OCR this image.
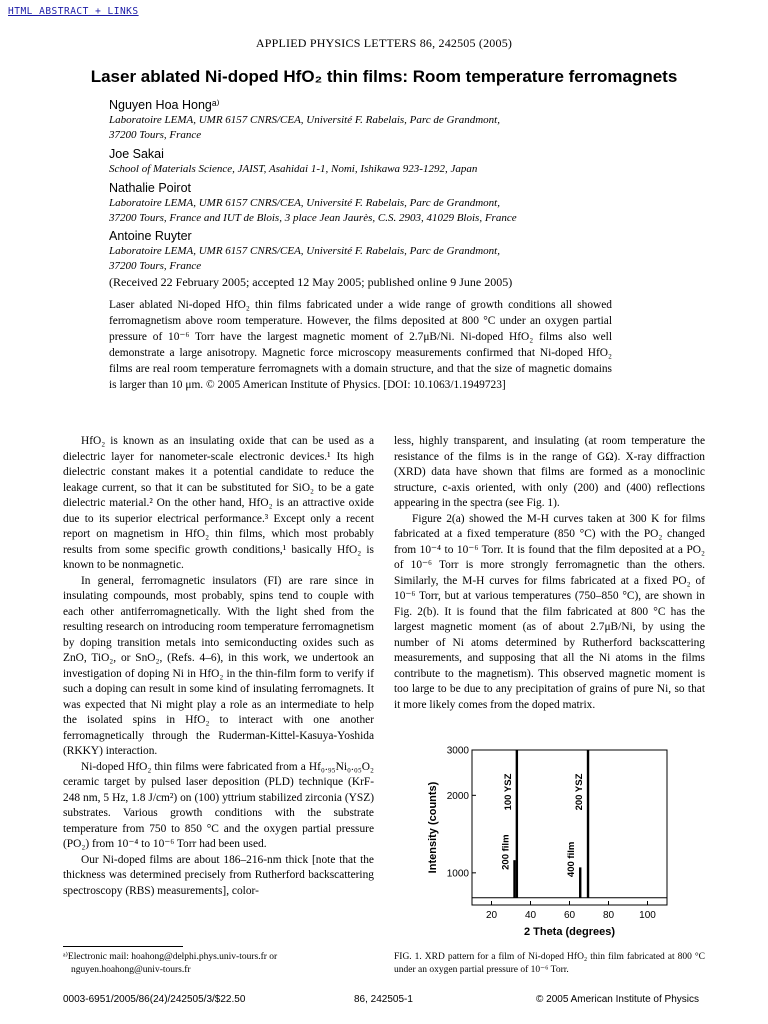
HTML ABSTRACT + LINKS
APPLIED PHYSICS LETTERS 86, 242505 (2005)
Laser ablated Ni-doped HfO₂ thin films: Room temperature ferromagnets
Nguyen Hoa Hongᵃ⁾
Laboratoire LEMA, UMR 6157 CNRS/CEA, Université F. Rabelais, Parc de Grandmont,
37200 Tours, France
Joe Sakai
School of Materials Science, JAIST, Asahidai 1-1, Nomi, Ishikawa 923-1292, Japan
Nathalie Poirot
Laboratoire LEMA, UMR 6157 CNRS/CEA, Université F. Rabelais, Parc de Grandmont,
37200 Tours, France and IUT de Blois, 3 place Jean Jaurès, C.S. 2903, 41029 Blois, France
Antoine Ruyter
Laboratoire LEMA, UMR 6157 CNRS/CEA, Université F. Rabelais, Parc de Grandmont,
37200 Tours, France
(Received 22 February 2005; accepted 12 May 2005; published online 9 June 2005)
Laser ablated Ni-doped HfO₂ thin films fabricated under a wide range of growth conditions all showed ferromagnetism above room temperature. However, the films deposited at 800 °C under an oxygen partial pressure of 10⁻⁶ Torr have the largest magnetic moment of 2.7μB/Ni. Ni-doped HfO₂ films also well demonstrate a large anisotropy. Magnetic force microscopy measurements confirmed that Ni-doped HfO₂ films are real room temperature ferromagnets with a domain structure, and that the size of magnetic domains is larger than 10 μm. © 2005 American Institute of Physics. [DOI: 10.1063/1.1949723]

HfO₂ is known as an insulating oxide that can be used as a dielectric layer for nanometer-scale electronic devices.¹ Its high dielectric constant makes it a potential candidate to reduce the leakage current, so that it can be substituted for SiO₂ to be a gate dielectric material.² On the other hand, HfO₂ is an attractive oxide due to its superior electrical performance.³ Except only a recent report on magnetism in HfO₂ thin films, which most probably results from some specific growth conditions,¹ basically HfO₂ is known to be nonmagnetic.

In general, ferromagnetic insulators (FI) are rare since in insulating compounds, most probably, spins tend to couple with each other antiferromagnetically. With the light shed from the resulting research on introducing room temperature ferromagnetism by doping transition metals into semiconducting oxides such as ZnO, TiO₂, or SnO₂, (Refs. 4–6), in this work, we undertook an investigation of doping Ni in HfO₂ in the thin-film form to verify if such a doping can result in some kind of insulating ferromagnets. It was expected that Ni might play a role as an intermediate to help the isolated spins in HfO₂ to interact with one another ferromagnetically through the Ruderman-Kittel-Kasuya-Yoshida (RKKY) interaction.

Ni-doped HfO₂ thin films were fabricated from a Hf₀.₉₅Ni₀.₀₅O₂ ceramic target by pulsed laser deposition (PLD) technique (KrF-248 nm, 5 Hz, 1.8 J/cm²) on (100) yttrium stabilized zirconia (YSZ) substrates. Various growth conditions with the substrate temperature from 750 to 850 °C and the oxygen partial pressure (PO₂) from 10⁻⁴ to 10⁻⁶ Torr had been used.

Our Ni-doped films are about 186–216-nm thick [note that the thickness was determined precisely from Rutherford backscattering spectroscopy (RBS) measurements], color-

less, highly transparent, and insulating (at room temperature the resistance of the films is in the range of GΩ). X-ray diffraction (XRD) data have shown that films are formed as a monoclinic structure, c-axis oriented, with only (200) and (400) reflections appearing in the spectra (see Fig. 1).

Figure 2(a) showed the M-H curves taken at 300 K for films fabricated at a fixed temperature (850 °C) with the PO₂ changed from 10⁻⁴ to 10⁻⁶ Torr. It is found that the film deposited at a PO₂ of 10⁻⁶ Torr is more strongly ferromagnetic than the others. Similarly, the M-H curves for films fabricated at a fixed PO₂ of 10⁻⁶ Torr, but at various temperatures (750–850 °C), are shown in Fig. 2(b). It is found that the film fabricated at 800 °C has the largest magnetic moment (as of about 2.7μB/Ni, by using the number of Ni atoms determined by Rutherford backscattering measurements, and supposing that all the Ni atoms in the films contribute to the magnetism). This observed magnetic moment is too large to be due to any precipitation of grains of pure Ni, so that it more likely comes from the doped matrix.

20	40	60	80	100
1000
2000
3000
200 film
100 YSZ
400 film
200 YSZ
2 Theta (degrees)
Intensity (counts)
ᵃ⁾Electronic mail: hoahong@delphi.phys.univ-tours.fr or
nguyen.hoahong@univ-tours.fr
FIG. 1. XRD pattern for a film of Ni-doped HfO₂ thin film fabricated at 800 °C under an oxygen partial pressure of 10⁻⁶ Torr.
0003-6951/2005/86(24)/242505/3/$22.50	86, 242505-1	© 2005 American Institute of Physics
